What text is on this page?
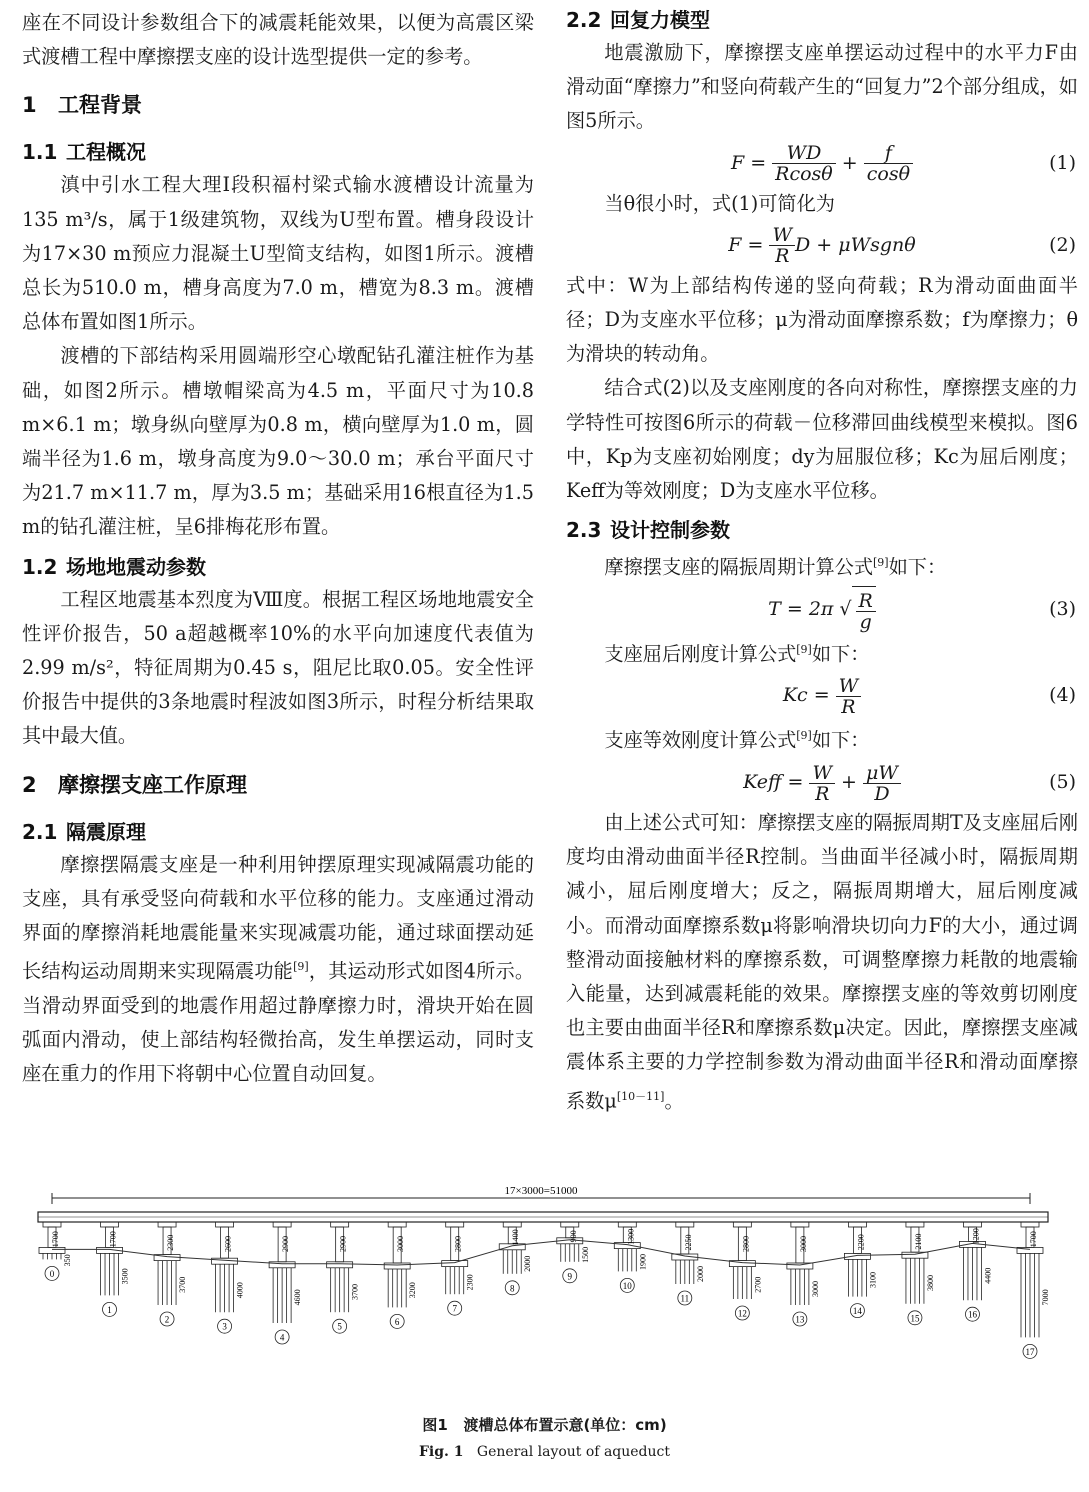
座在不同设计参数组合下的减震耗能效果，以便为高震区梁式渡槽工程中摩擦摆支座的设计选型提供一定的参考。

1 工程背景
1.1 工程概况

滇中引水工程大理Ⅰ段积福村梁式输水渡槽设计流量为135 m³/s，属于1级建筑物，双线为U型布置。槽身段设计为17×30 m预应力混凝土U型简支结构，如图1所示。渡槽总长为510.0 m，槽身高度为7.0 m，槽宽为8.3 m。渡槽总体布置如图1所示。

渡槽的下部结构采用圆端形空心墩配钻孔灌注桩作为基础，如图2所示。槽墩帽梁高为4.5 m，平面尺寸为10.8 m×6.1 m；墩身纵向壁厚为0.8 m，横向壁厚为1.0 m，圆端半径为1.6 m，墩身高度为9.0～30.0 m；承台平面尺寸为21.7 m×11.7 m，厚为3.5 m；基础采用16根直径为1.5 m的钻孔灌注桩，呈6排梅花形布置。

1.2 场地地震动参数

工程区地震基本烈度为Ⅷ度。根据工程区场地地震安全性评价报告，50 a超越概率10%的水平向加速度代表值为2.99 m/s²，特征周期为0.45 s，阻尼比取0.05。安全性评价报告中提供的3条地震时程波如图3所示，时程分析结果取其中最大值。

2 摩擦摆支座工作原理
2.1 隔震原理

摩擦摆隔震支座是一种利用钟摆原理实现减隔震功能的支座，具有承受竖向荷载和水平位移的能力。支座通过滑动界面的摩擦消耗地震能量来实现减震功能，通过球面摆动延长结构运动周期来实现隔震功能[9]，其运动形式如图4所示。当滑动界面受到的地震作用超过静摩擦力时，滑块开始在圆弧面内滑动，使上部结构轻微抬高，发生单摆运动，同时支座在重力的作用下将朝中心位置自动回复。

2.2 回复力模型

地震激励下，摩擦摆支座单摆运动过程中的水平力F由滑动面“摩擦力”和竖向荷载产生的“回复力”2个部分组成，如图5所示。

$F = \frac{WD}{Rcos\theta} + \frac{f}{\cos\theta}$	(1)

当θ很小时，式(1)可简化为

$F = \frac{W}{R}$ D + μWsgnθ	(2)

式中：W为上部结构传递的竖向荷载；R为滑动面曲面半径；D为支座水平位移；μ为滑动面摩擦系数；f为摩擦力；θ为滑块的转动角。

结合式(2)以及支座刚度的各向对称性，摩擦摆支座的力学特性可按图6所示的荷载－位移滞回曲线模型来模拟。图6中，Kp为支座初始刚度；dy为屈服位移；Kc为屈后刚度；Keff为等效刚度；D为支座水平位移。

2.3 设计控制参数

摩擦摆支座的隔振周期计算公式[9]如下：

T = 2π √ $\frac{R}{g}$	(3)

支座屈后刚度计算公式[9]如下：

$Kc = \frac{W}{R}$	(4)

支座等效刚度计算公式[9]如下：

Keff = $\frac{W}{R} + \frac{\mu W}{D}$	(5)

由上述公式可知：摩擦摆支座的隔振周期T及支座屈后刚度均由滑动曲面半径R控制。当曲面半径减小时，隔振周期减小，屈后刚度增大；反之，隔振周期增大，屈后刚度减小。而滑动面摩擦系数μ将影响滑块切向力F的大小，通过调整滑动面接触材料的摩擦系数，可调整摩擦力耗散的地震输入能量，达到减震耗能的效果。摩擦摆支座的等效剪切刚度也主要由曲面半径R和摩擦系数μ决定。因此，摩擦摆支座减震体系主要的力学控制参数为滑动曲面半径R和滑动面摩擦系数μ[10－11]。

17×3000=51000
1700
350
0
1700
3500
1
2300
3700
2
2600
4000
3
2900
4600
4
2900
3700
5
3000
3200
6
2800
2300
7
1400
2000
8
900
1500
9
1300
1900
10
2250
2000
11
2800
2700
12
3000
3000
13
2200
3100
14
2100
3800
15
1200
4400
16
1700
7000
17
图1 渡槽总体布置示意(单位：cm)
Fig. 1 General layout of aqueduct
